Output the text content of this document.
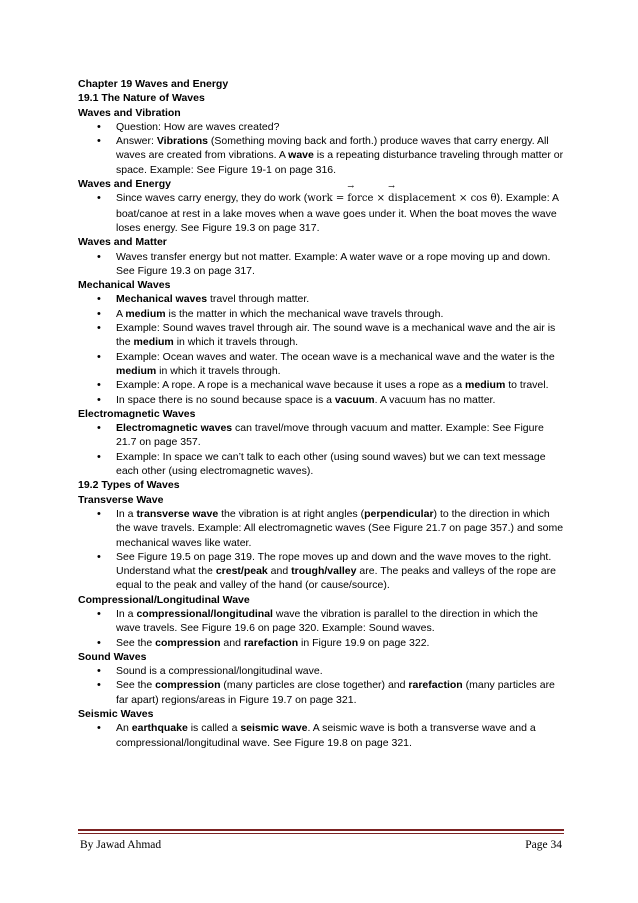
Chapter 19 Waves and Energy

19.1 The Nature of Waves

Waves and Vibration

• Question: How are waves created?
• Answer: Vibrations (Something moving back and forth.) produce waves that carry energy. All waves are created from vibrations. A wave is a repeating disturbance traveling through matter or space. Example: See Figure 19-1 on page 316.

Waves and Energy

• Since waves carry energy, they do work (work = → force × → displacement × cos θ). Example: A boat/canoe at rest in a lake moves when a wave goes under it. When the boat moves the wave loses energy. See Figure 19.3 on page 317.

Waves and Matter

• Waves transfer energy but not matter. Example: A water wave or a rope moving up and down. See Figure 19.3 on page 317.

Mechanical Waves

• Mechanical waves travel through matter.
• A medium is the matter in which the mechanical wave travels through.
• Example: Sound waves travel through air. The sound wave is a mechanical wave and the air is the medium in which it travels through.
• Example: Ocean waves and water. The ocean wave is a mechanical wave and the water is the medium in which it travels through.
• Example: A rope. A rope is a mechanical wave because it uses a rope as a medium to travel.
• In space there is no sound because space is a vacuum. A vacuum has no matter.

Electromagnetic Waves

• Electromagnetic waves can travel/move through vacuum and matter. Example: See Figure 21.7 on page 357.
• Example: In space we can’t talk to each other (using sound waves) but we can text message each other (using electromagnetic waves).

19.2 Types of Waves

Transverse Wave

• In a transverse wave the vibration is at right angles (perpendicular) to the direction in which the wave travels. Example: All electromagnetic waves (See Figure 21.7 on page 357.) and some mechanical waves like water.
• See Figure 19.5 on page 319. The rope moves up and down and the wave moves to the right. Understand what the crest/peak and trough/valley are. The peaks and valleys of the rope are equal to the peak and valley of the hand (or cause/source).

Compressional/Longitudinal Wave

• In a compressional/longitudinal wave the vibration is parallel to the direction in which the wave travels. See Figure 19.6 on page 320. Example: Sound waves.
• See the compression and rarefaction in Figure 19.9 on page 322.

Sound Waves

• Sound is a compressional/longitudinal wave.
• See the compression (many particles are close together) and rarefaction (many particles are far apart) regions/areas in Figure 19.7 on page 321.

Seismic Waves

• An earthquake is called a seismic wave. A seismic wave is both a transverse wave and a compressional/longitudinal wave. See Figure 19.8 on page 321.
By Jawad Ahmad	Page 34
